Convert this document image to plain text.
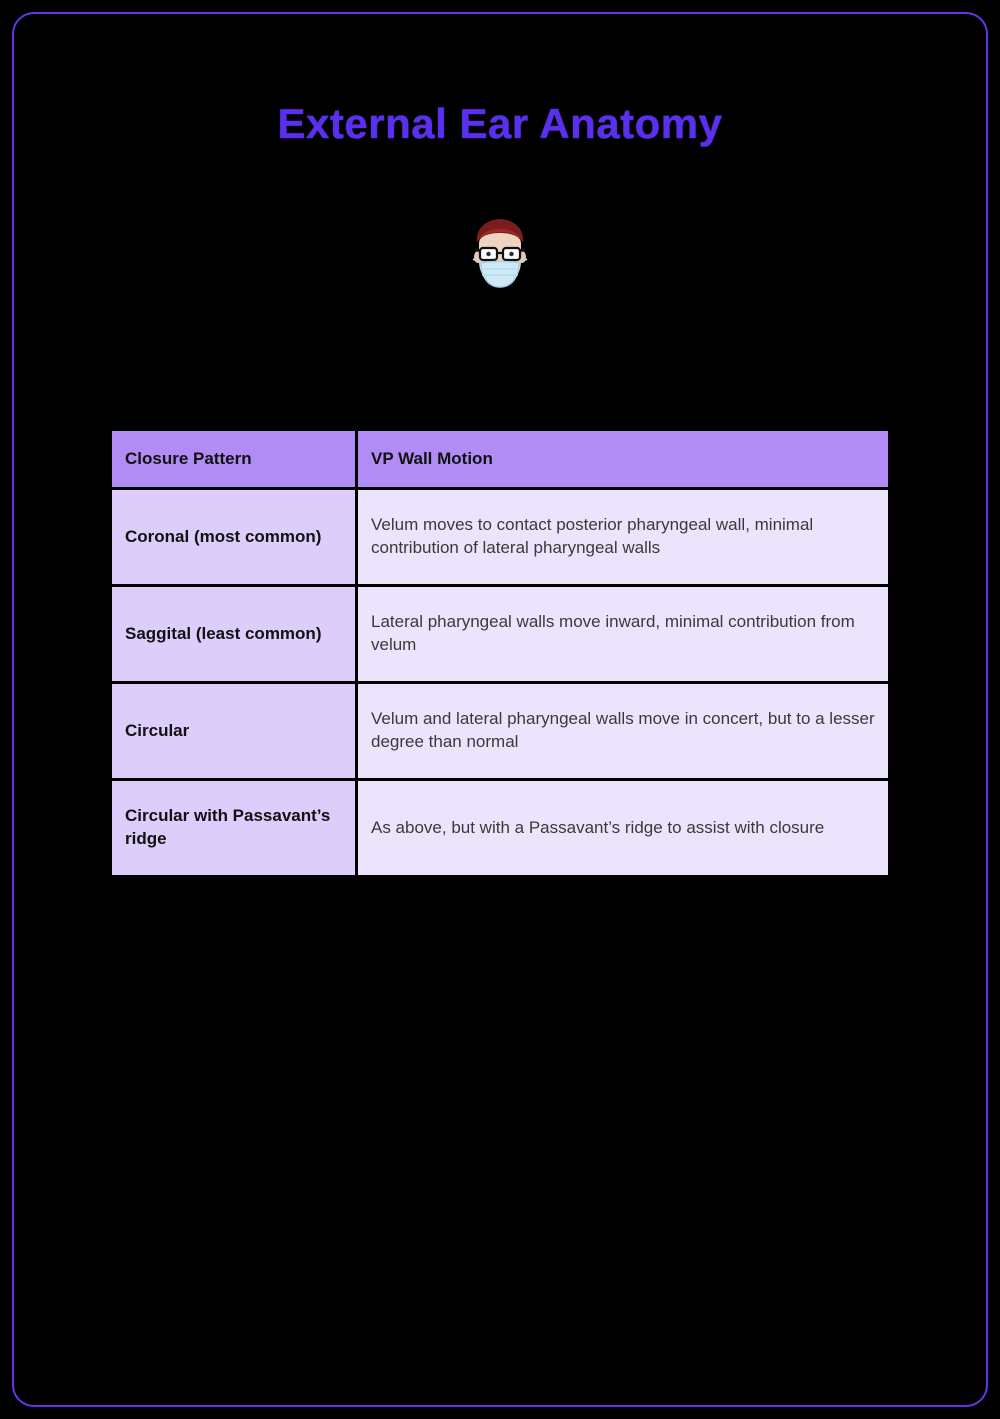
External Ear Anatomy
Closure Pattern	VP Wall Motion
Coronal (most common)	Velum moves to contact posterior pharyngeal wall, minimal contribution of lateral pharyngeal walls
Saggital (least common)	Lateral pharyngeal walls move inward, minimal contribution from velum
Circular	Velum and lateral pharyngeal walls move in concert, but to a lesser degree than normal
Circular with Passavant’s ridge	As above, but with a Passavant’s ridge to assist with closure
